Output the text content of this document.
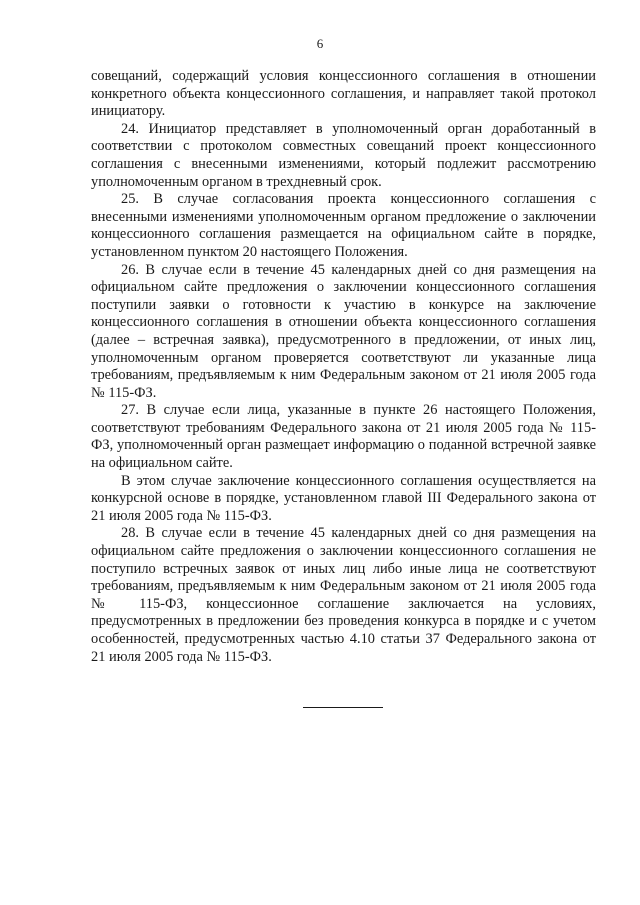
6

совещаний, содержащий условия концессионного соглашения в отношении конкретного объекта концессионного соглашения, и направляет такой протокол инициатору.

24. Инициатор представляет в уполномоченный орган доработанный в соответствии с протоколом совместных совещаний проект концессионного соглашения с внесенными изменениями, который подлежит рассмотрению уполномоченным органом в трехдневный срок.

25. В случае согласования проекта концессионного соглашения с внесенными изменениями уполномоченным органом предложение о заключении концессионного соглашения размещается на официальном сайте в порядке, установленном пунктом 20 настоящего Положения.

26. В случае если в течение 45 календарных дней со дня размещения на официальном сайте предложения о заключении концессионного соглашения поступили заявки о готовности к участию в конкурсе на заключение концессионного соглашения в отношении объекта концессионного соглашения (далее – встречная заявка), предусмотренного в предложении, от иных лиц, уполномоченным органом проверяется соответствуют ли указанные лица требованиям, предъявляемым к ним Федеральным законом от 21 июля 2005 года № 115-ФЗ.

27. В случае если лица, указанные в пункте 26 настоящего Положения, соответствуют требованиям Федерального закона от 21 июля 2005 года № 115-ФЗ, уполномоченный орган размещает информацию о поданной встречной заявке на официальном сайте.

В этом случае заключение концессионного соглашения осуществляется на конкурсной основе в порядке, установленном главой III Федерального закона от 21 июля 2005 года № 115-ФЗ.

28. В случае если в течение 45 календарных дней со дня размещения на официальном сайте предложения о заключении концессионного соглашения не поступило встречных заявок от иных лиц либо иные лица не соответствуют требованиям, предъявляемым к ним Федеральным законом от 21 июля 2005 года № 115-ФЗ, концессионное соглашение заключается на условиях, предусмотренных в предложении без проведения конкурса в порядке и с учетом особенностей, предусмотренных частью 4.10 статьи 37 Федерального закона от 21 июля 2005 года № 115-ФЗ.
